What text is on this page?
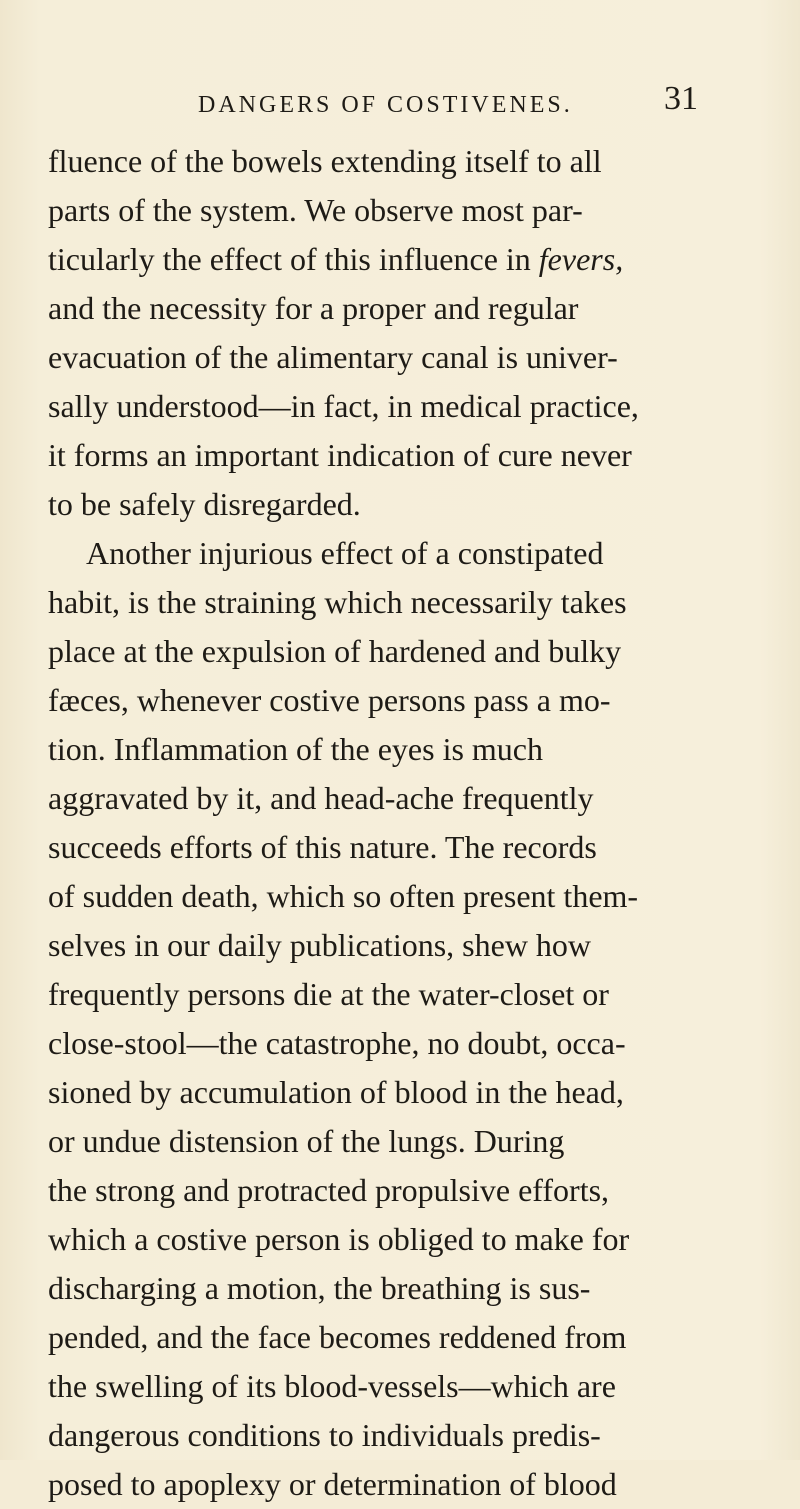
DANGERS OF COSTIVENES.	31
fluence of the bowels extending itself to all
parts of the system. We observe most par-
ticularly the effect of this influence in fevers,
and the necessity for a proper and regular
evacuation of the alimentary canal is univer-
sally understood—in fact, in medical practice,
it forms an important indication of cure never
to be safely disregarded.
Another injurious effect of a constipated
habit, is the straining which necessarily takes
place at the expulsion of hardened and bulky
fæces, whenever costive persons pass a mo-
tion. Inflammation of the eyes is much
aggravated by it, and head-ache frequently
succeeds efforts of this nature. The records
of sudden death, which so often present them-
selves in our daily publications, shew how
frequently persons die at the water-closet or
close-stool—the catastrophe, no doubt, occa-
sioned by accumulation of blood in the head,
or undue distension of the lungs. During
the strong and protracted propulsive efforts,
which a costive person is obliged to make for
discharging a motion, the breathing is sus-
pended, and the face becomes reddened from
the swelling of its blood-vessels—which are
dangerous conditions to individuals predis-
posed to apoplexy or determination of blood
